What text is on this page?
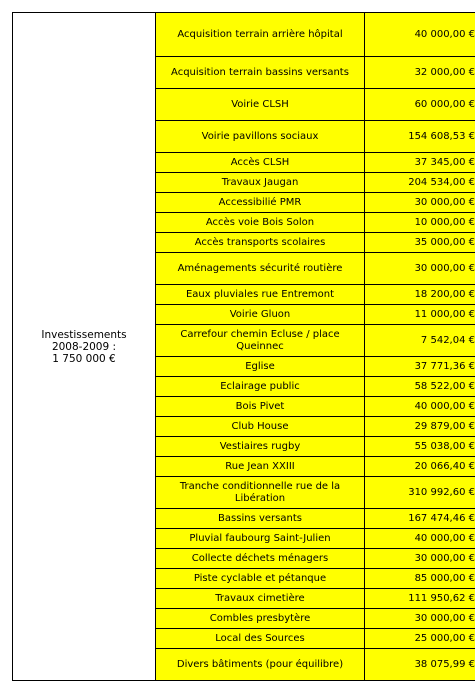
Investissements
2008-2009 :
1 750 000 €	Acquisition terrain arrière hôpital	40 000,00 €
	Acquisition terrain bassins versants	32 000,00 €
	Voirie CLSH	60 000,00 €
	Voirie pavillons sociaux	154 608,53 €
	Accès CLSH	37 345,00 €
	Travaux Jaugan	204 534,00 €
	Accessibilié PMR	30 000,00 €
	Accès voie Bois Solon	10 000,00 €
	Accès transports scolaires	35 000,00 €
	Aménagements sécurité routière	30 000,00 €
	Eaux pluviales rue Entremont	18 200,00 €
	Voirie Gluon	11 000,00 €
	Carrefour chemin Ecluse / place Queinnec	7 542,04 €
	Eglise	37 771,36 €
	Eclairage public	58 522,00 €
	Bois Pivet	40 000,00 €
	Club House	29 879,00 €
	Vestiaires rugby	55 038,00 €
	Rue Jean XXIII	20 066,40 €
	Tranche conditionnelle rue de la Libération	310 992,60 €
	Bassins versants	167 474,46 €
	Pluvial faubourg Saint-Julien	40 000,00 €
	Collecte déchets ménagers	30 000,00 €
	Piste cyclable et pétanque	85 000,00 €
	Travaux cimetière	111 950,62 €
	Combles presbytère	30 000,00 €
	Local des Sources	25 000,00 €
	Divers bâtiments (pour équilibre)	38 075,99 €
